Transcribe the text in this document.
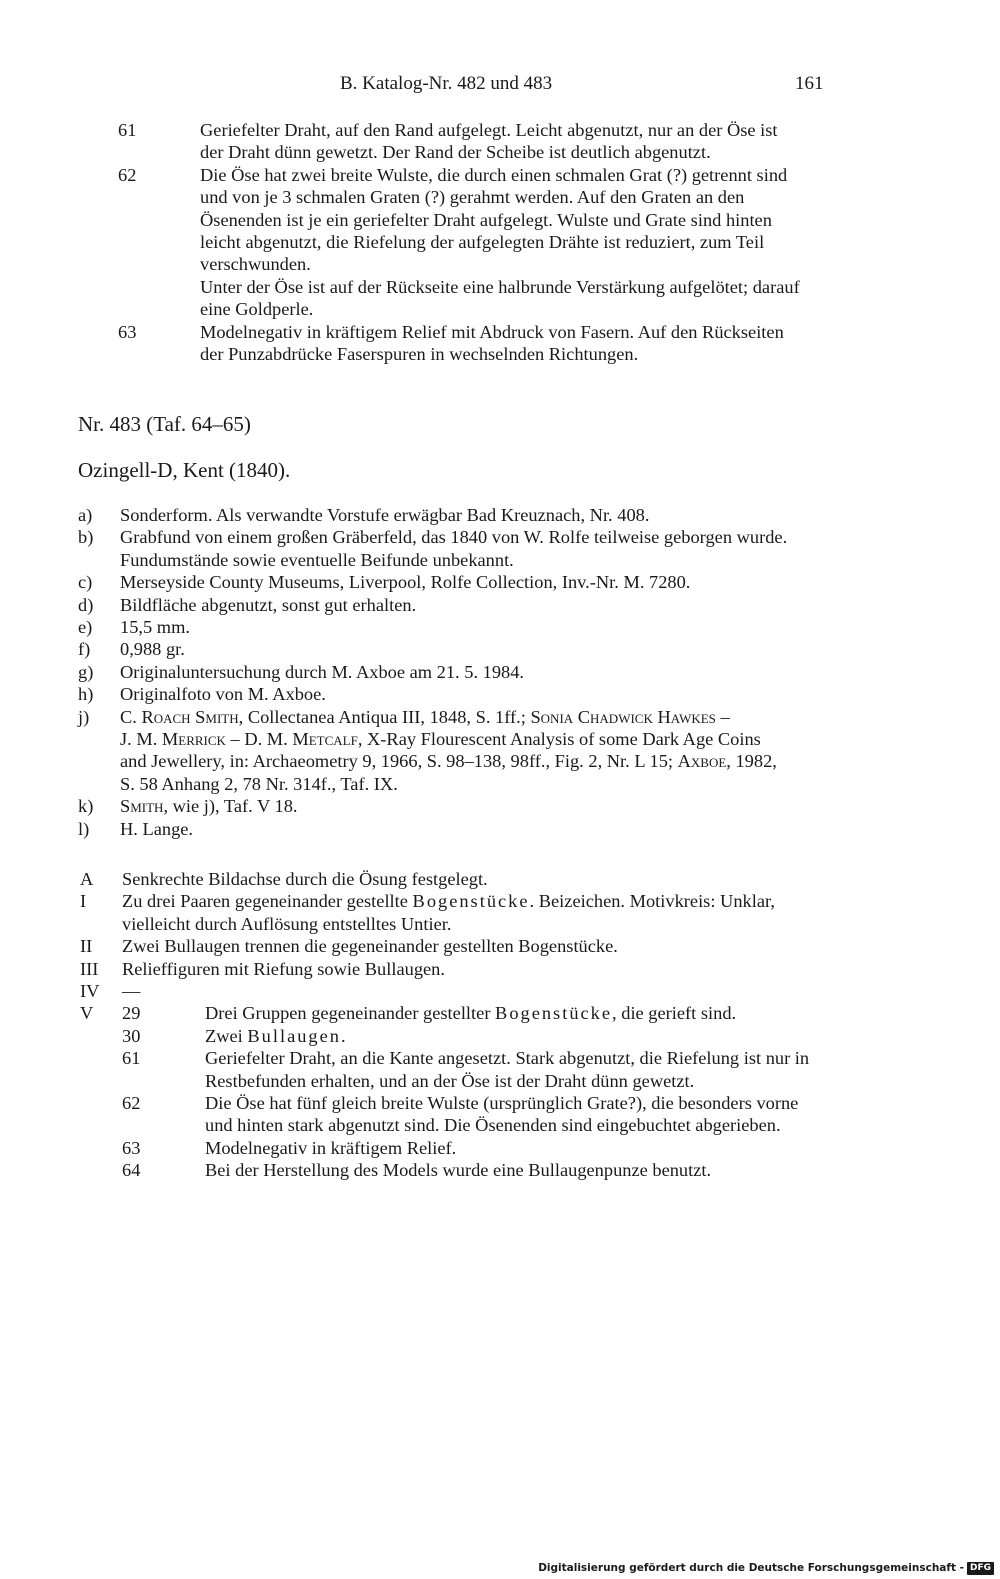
B. Katalog-Nr. 482 und 483	161
61	Geriefelter Draht, auf den Rand aufgelegt. Leicht abgenutzt, nur an der Öse ist
der Draht dünn gewetzt. Der Rand der Scheibe ist deutlich abgenutzt.
62	Die Öse hat zwei breite Wulste, die durch einen schmalen Grat (?) getrennt sind
und von je 3 schmalen Graten (?) gerahmt werden. Auf den Graten an den
Ösenenden ist je ein geriefelter Draht aufgelegt. Wulste und Grate sind hinten
leicht abgenutzt, die Riefelung der aufgelegten Drähte ist reduziert, zum Teil
verschwunden.
Unter der Öse ist auf der Rückseite eine halbrunde Verstärkung aufgelötet; darauf
eine Goldperle.
63	Modelnegativ in kräftigem Relief mit Abdruck von Fasern. Auf den Rückseiten
der Punzabdrücke Faserspuren in wechselnden Richtungen.
Nr. 483 (Taf. 64–65)
Ozingell-D, Kent (1840).
a)	Sonderform. Als verwandte Vorstufe erwägbar Bad Kreuznach, Nr. 408.
b)	Grabfund von einem großen Gräberfeld, das 1840 von W. Rolfe teilweise geborgen wurde.
Fundumstände sowie eventuelle Beifunde unbekannt.
c)	Merseyside County Museums, Liverpool, Rolfe Collection, Inv.-Nr. M. 7280.
d)	Bildfläche abgenutzt, sonst gut erhalten.
e)	15,5 mm.
f)	0,988 gr.
g)	Originaluntersuchung durch M. Axboe am 21. 5. 1984.
h)	Originalfoto von M. Axboe.
j)	C. Roach Smith, Collectanea Antiqua III, 1848, S. 1ff.; Sonia Chadwick Hawkes –
J. M. Merrick – D. M. Metcalf, X-Ray Flourescent Analysis of some Dark Age Coins
and Jewellery, in: Archaeometry 9, 1966, S. 98–138, 98ff., Fig. 2, Nr. L 15; Axboe, 1982,
S. 58 Anhang 2, 78 Nr. 314f., Taf. IX.
k)	Smith, wie j), Taf. V 18.
l)	H. Lange.
A	Senkrechte Bildachse durch die Ösung festgelegt.
I	Zu drei Paaren gegeneinander gestellte Bogenstücke. Beizeichen. Motivkreis: Unklar,
vielleicht durch Auflösung entstelltes Untier.
II	Zwei Bullaugen trennen die gegeneinander gestellten Bogenstücke.
III	Relieffiguren mit Riefung sowie Bullaugen.
IV	—
V	29	Drei Gruppen gegeneinander gestellter Bogenstücke, die gerieft sind.
30	Zwei Bullaugen.
61	Geriefelter Draht, an die Kante angesetzt. Stark abgenutzt, die Riefelung ist nur in
Restbefunden erhalten, und an der Öse ist der Draht dünn gewetzt.
62	Die Öse hat fünf gleich breite Wulste (ursprünglich Grate?), die besonders vorne
und hinten stark abgenutzt sind. Die Ösenenden sind eingebuchtet abgerieben.
63	Modelnegativ in kräftigem Relief.
64	Bei der Herstellung des Models wurde eine Bullaugenpunze benutzt.
Digitalisierung gefördert durch die Deutsche Forschungsgemeinschaft - DFG
